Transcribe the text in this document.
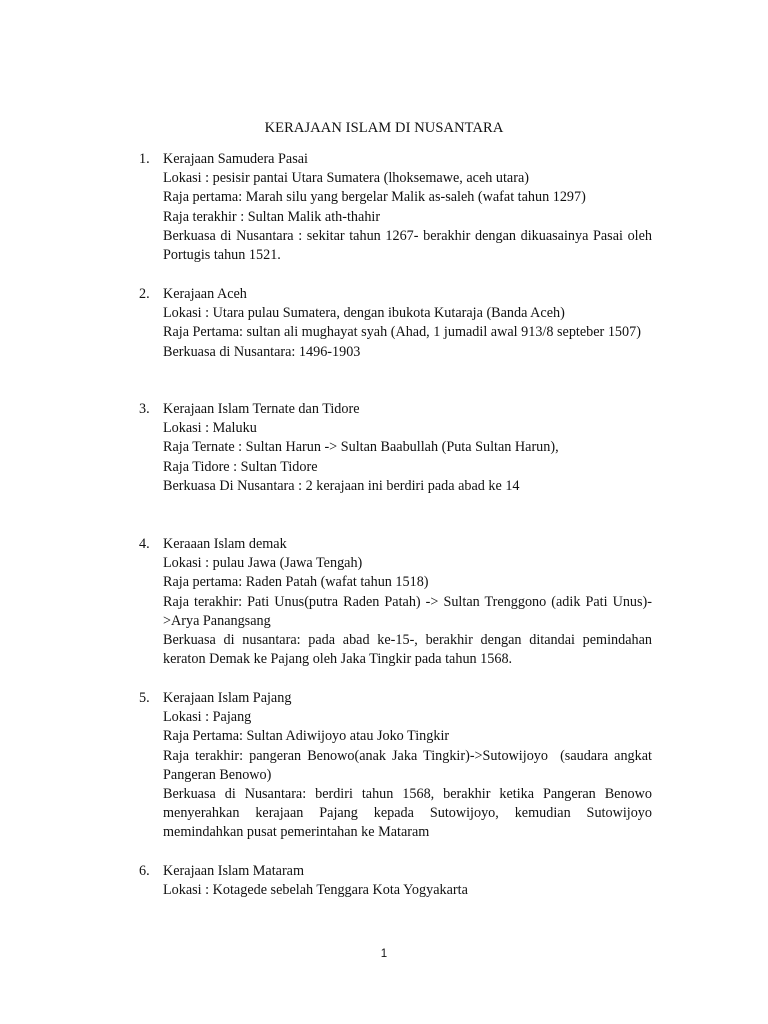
KERAJAAN ISLAM DI NUSANTARA
1. Kerajaan Samudera Pasai
Lokasi : pesisir pantai Utara Sumatera (lhoksemawe, aceh utara)
Raja pertama: Marah silu yang bergelar Malik as-saleh (wafat tahun 1297)
Raja terakhir : Sultan Malik ath-thahir
Berkuasa di Nusantara : sekitar tahun 1267- berakhir dengan dikuasainya Pasai oleh Portugis tahun 1521.
2. Kerajaan Aceh
Lokasi : Utara pulau Sumatera, dengan ibukota Kutaraja (Banda Aceh)
Raja Pertama: sultan ali mughayat syah (Ahad, 1 jumadil awal 913/8 septeber 1507)
Berkuasa di Nusantara: 1496-1903
3. Kerajaan Islam Ternate dan Tidore
Lokasi : Maluku
Raja Ternate : Sultan Harun -> Sultan Baabullah (Puta Sultan Harun),
Raja Tidore : Sultan Tidore
Berkuasa Di Nusantara : 2 kerajaan ini berdiri pada abad ke 14
4. Keraaan Islam demak
Lokasi : pulau Jawa (Jawa Tengah)
Raja pertama: Raden Patah (wafat tahun 1518)
Raja terakhir: Pati Unus(putra Raden Patah) -> Sultan Trenggono (adik Pati Unus)->Arya Panangsang
Berkuasa di nusantara: pada abad ke-15-, berakhir dengan ditandai pemindahan keraton Demak ke Pajang oleh Jaka Tingkir pada tahun 1568.
5. Kerajaan Islam Pajang
Lokasi : Pajang
Raja Pertama: Sultan Adiwijoyo atau Joko Tingkir
Raja terakhir: pangeran Benowo(anak Jaka Tingkir)->Sutowijoyo  (saudara angkat       Pangeran Benowo)
Berkuasa di Nusantara: berdiri tahun 1568, berakhir ketika Pangeran Benowo menyerahkan kerajaan Pajang kepada Sutowijoyo, kemudian Sutowijoyo memindahkan pusat pemerintahan ke Mataram
6. Kerajaan Islam Mataram
Lokasi : Kotagede sebelah Tenggara Kota Yogyakarta
1
